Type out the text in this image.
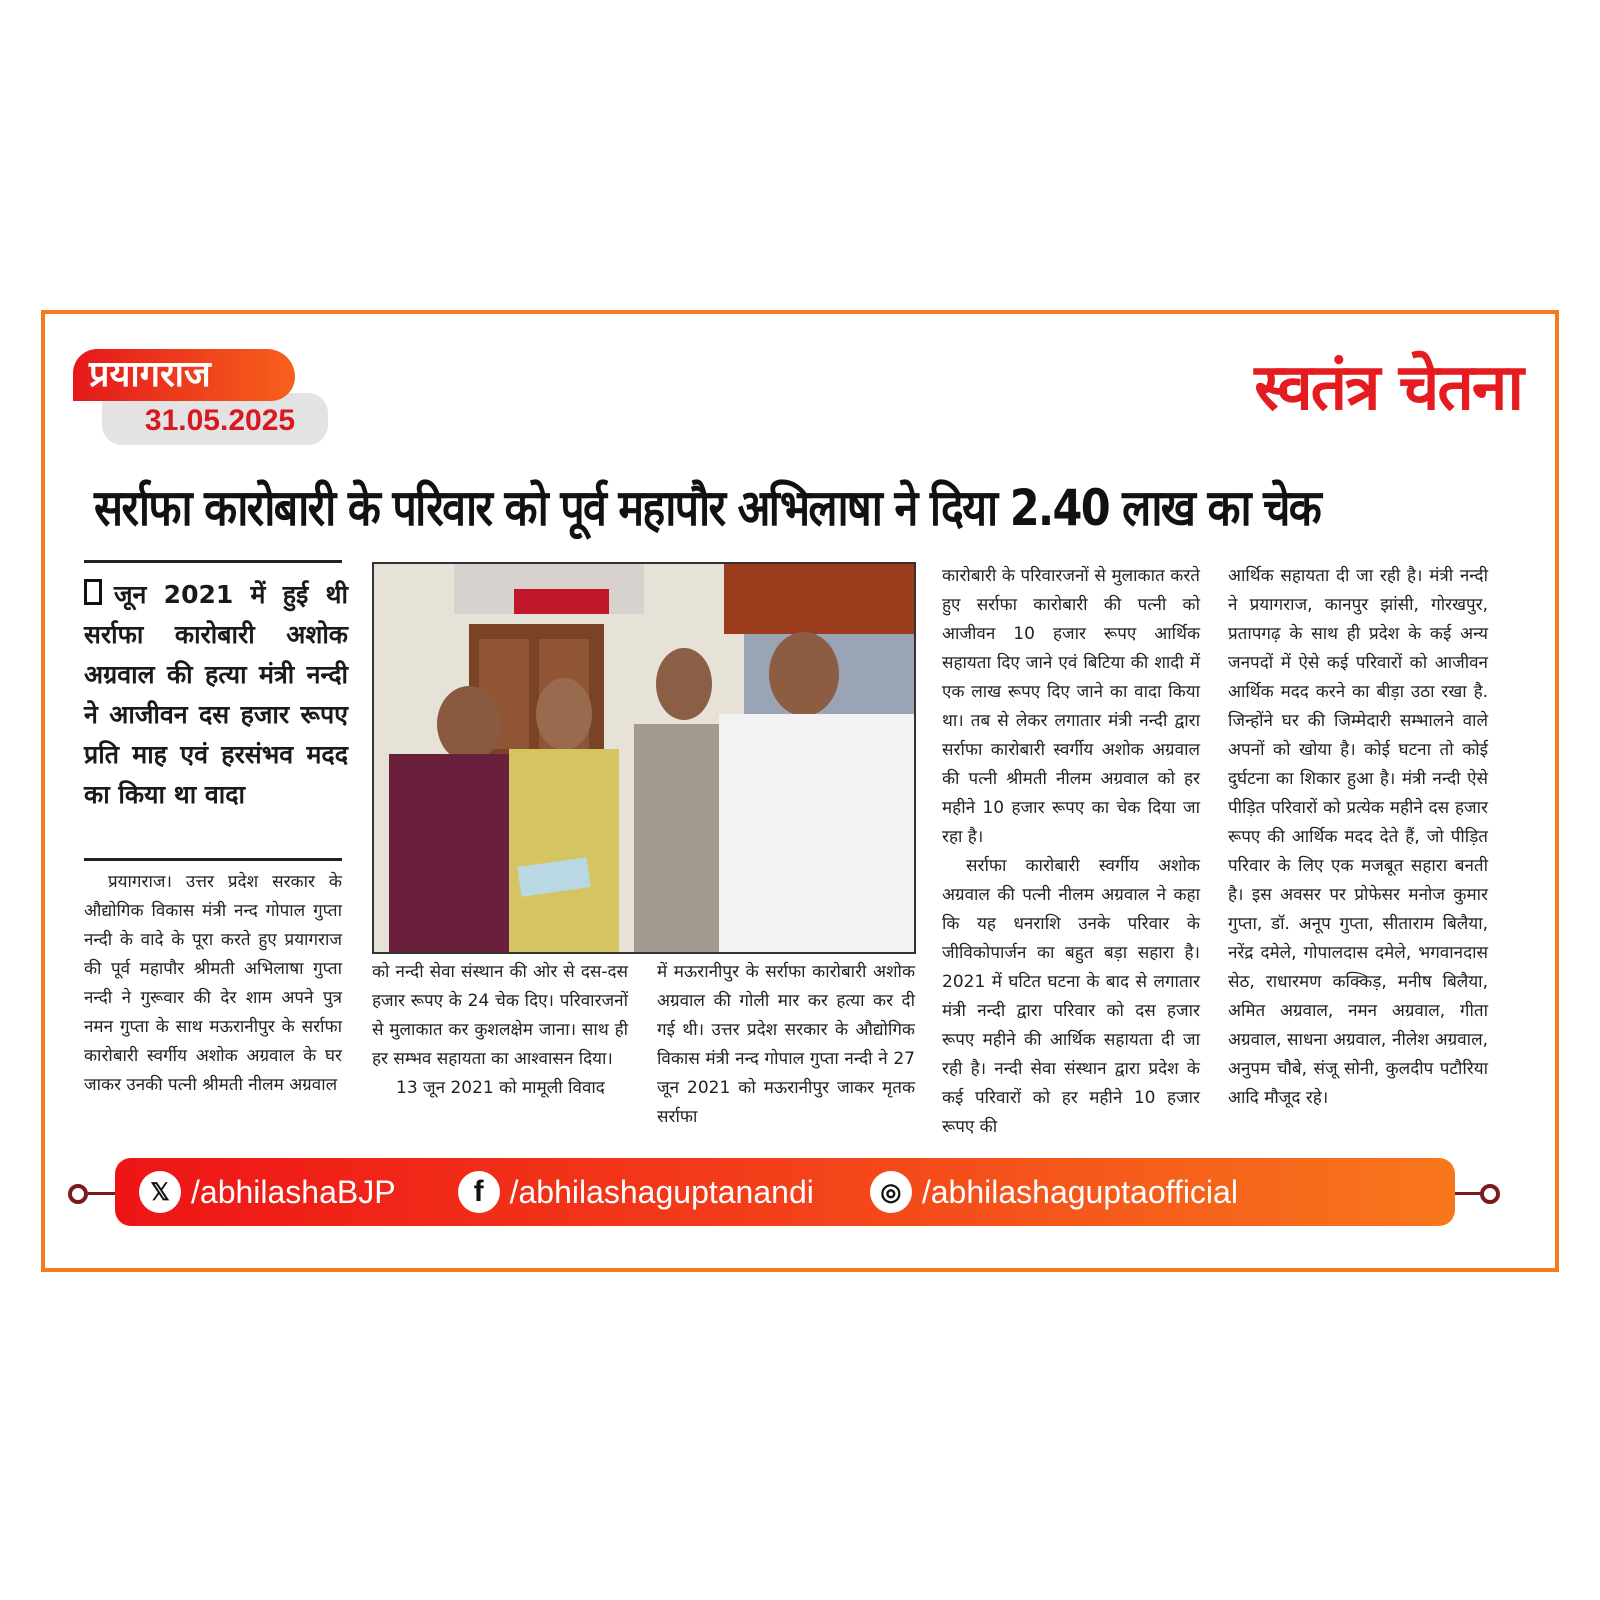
31.05.2025
प्रयागराज	स्वतंत्र चेतना
सर्राफा कारोबारी के परिवार को पूर्व महापौर अभिलाषा ने दिया 2.40 लाख का चेक
जून 2021 में हुई थी सर्राफा कारोबारी अशोक अग्रवाल की हत्या मंत्री नन्दी ने आजीवन दस हजार रूपए प्रति माह एवं हरसंभव मदद का किया था वादा

प्रयागराज। उत्तर प्रदेश सरकार के औद्योगिक विकास मंत्री नन्द गोपाल गुप्ता नन्दी के वादे के पूरा करते हुए प्रयागराज की पूर्व महापौर श्रीमती अभिलाषा गुप्ता नन्दी ने गुरूवार की देर शाम अपने पुत्र नमन गुप्ता के साथ मऊरानीपुर के सर्राफा कारोबारी स्वर्गीय अशोक अग्रवाल के घर जाकर उनकी पत्नी श्रीमती नीलम अग्रवाल

को नन्दी सेवा संस्थान की ओर से दस-दस हजार रूपए के 24 चेक दिए। परिवारजनों से मुलाकात कर कुशलक्षेम जाना। साथ ही हर सम्भव सहायता का आश्वासन दिया।

13 जून 2021 को मामूली विवाद

में मऊरानीपुर के सर्राफा कारोबारी अशोक अग्रवाल की गोली मार कर हत्या कर दी गई थी। उत्तर प्रदेश सरकार के औद्योगिक विकास मंत्री नन्द गोपाल गुप्ता नन्दी ने 27 जून 2021 को मऊरानीपुर जाकर मृतक सर्राफा

कारोबारी के परिवारजनों से मुलाकात करते हुए सर्राफा कारोबारी की पत्नी को आजीवन 10 हजार रूपए आर्थिक सहायता दिए जाने एवं बिटिया की शादी में एक लाख रूपए दिए जाने का वादा किया था। तब से लेकर लगातार मंत्री नन्दी द्वारा सर्राफा कारोबारी स्वर्गीय अशोक अग्रवाल की पत्नी श्रीमती नीलम अग्रवाल को हर महीने 10 हजार रूपए का चेक दिया जा रहा है।

सर्राफा कारोबारी स्वर्गीय अशोक अग्रवाल की पत्नी नीलम अग्रवाल ने कहा कि यह धनराशि उनके परिवार के जीविकोपार्जन का बहुत बड़ा सहारा है। 2021 में घटित घटना के बाद से लगातार मंत्री नन्दी द्वारा परिवार को दस हजार रूपए महीने की आर्थिक सहायता दी जा रही है। नन्दी सेवा संस्थान द्वारा प्रदेश के कई परिवारों को हर महीने 10 हजार रूपए की

आर्थिक सहायता दी जा रही है। मंत्री नन्दी ने प्रयागराज, कानपुर झांसी, गोरखपुर, प्रतापगढ़ के साथ ही प्रदेश के कई अन्य जनपदों में ऐसे कई परिवारों को आजीवन आर्थिक मदद करने का बीड़ा उठा रखा है. जिन्होंने घर की जिम्मेदारी सम्भालने वाले अपनों को खोया है। कोई घटना तो कोई दुर्घटना का शिकार हुआ है। मंत्री नन्दी ऐसे पीड़ित परिवारों को प्रत्येक महीने दस हजार रूपए की आर्थिक मदद देते हैं, जो पीड़ित परिवार के लिए एक मजबूत सहारा बनती है। इस अवसर पर प्रोफेसर मनोज कुमार गुप्ता, डॉ. अनूप गुप्ता, सीताराम बिलैया, नरेंद्र दमेले, गोपालदास दमेले, भगवानदास सेठ, राधारमण कक्किड़, मनीष बिलैया, अमित अग्रवाल, नमन अग्रवाल, गीता अग्रवाल, साधना अग्रवाल, नीलेश अग्रवाल, अनुपम चौबे, संजू सोनी, कुलदीप पटौरिया आदि मौजूद रहे।

𝕏 /abhilashaBJP	f /abhilashaguptanandi	◎ /abhilashaguptaofficial
